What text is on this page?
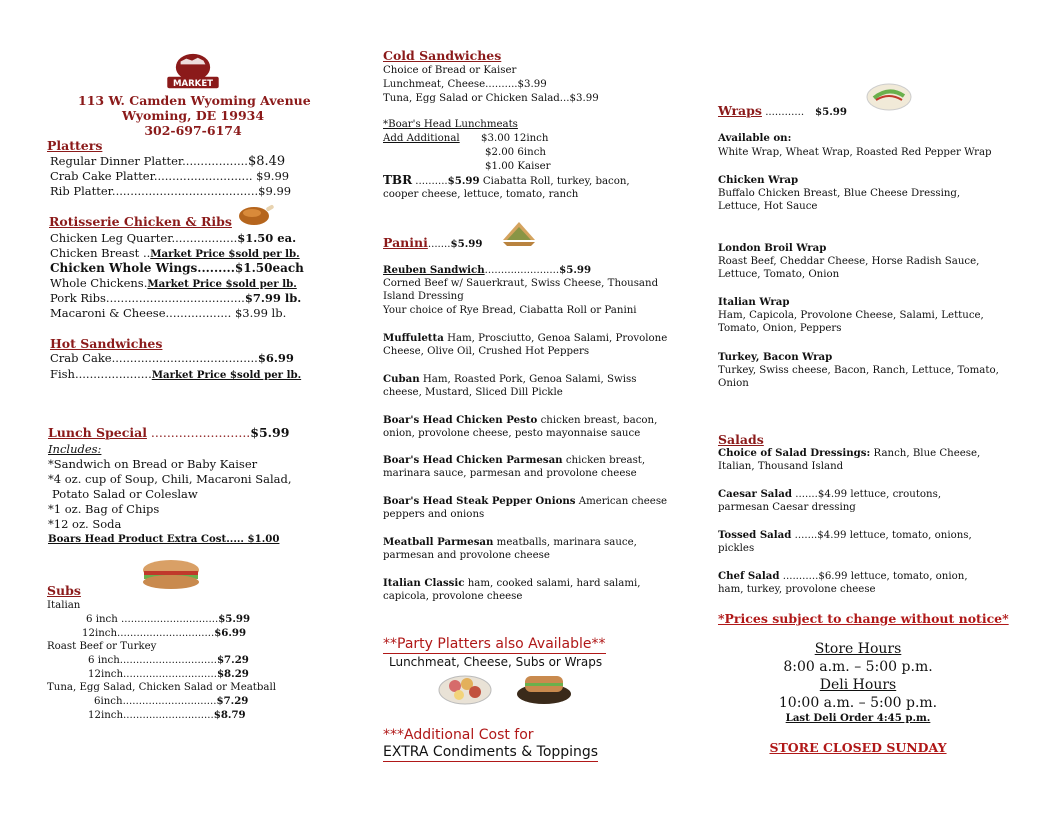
MARKET
113 W. Camden Wyoming Avenue
Wyoming, DE 19934
302-697-6174
Platters
Regular Dinner Platter..................$8.49
Crab Cake Platter........................... $9.99
Rib Platter........................................$9.99
Rotisserie Chicken & Ribs
Chicken Leg Quarter..................$1.50 ea.
Chicken Breast ..Market Price $sold per lb.
Chicken Whole Wings.........$1.50each
Whole Chickens.Market Price $sold per lb.
Pork Ribs......................................$7.99 lb.
Macaroni & Cheese.................. $3.99 lb.
Hot Sandwiches
Crab Cake........................................$6.99
Fish.....................Market Price $sold per lb.
Lunch Special .........................$5.99
Includes:
*Sandwich on Bread or Baby Kaiser
*4 oz. cup of Soup, Chili, Macaroni Salad,
Potato Salad or Coleslaw
*1 oz. Bag of Chips
*12 oz. Soda
Boars Head Product Extra Cost..... $1.00
Subs
Italian
6 inch ..............................$5.99
12inch..............................$6.99
Roast Beef or Turkey
6 inch..............................$7.29
12inch.............................$8.29
Tuna, Egg Salad, Chicken Salad or Meatball
6inch.............................$7.29
12inch............................$8.79
Cold Sandwiches
Choice of Bread or Kaiser
Lunchmeat, Cheese..........$3.99
Tuna, Egg Salad or Chicken Salad...$3.99
*Boar's Head Lunchmeats
Add Additional $3.00 12inch
$2.00 6inch
$1.00 Kaiser
TBR ..........$5.99 Ciabatta Roll, turkey, bacon,
cooper cheese, lettuce, tomato, ranch
Panini.......$5.99
Reuben Sandwich.......................$5.99
Corned Beef w/ Sauerkraut, Swiss Cheese, Thousand Island Dressing
Your choice of Rye Bread, Ciabatta Roll or Panini
Muffuletta Ham, Prosciutto, Genoa Salami, Provolone Cheese, Olive Oil, Crushed Hot Peppers
Cuban Ham, Roasted Pork, Genoa Salami, Swiss cheese, Mustard, Sliced Dill Pickle
Boar's Head Chicken Pesto chicken breast, bacon, onion, provolone cheese, pesto mayonnaise sauce
Boar's Head Chicken Parmesan chicken breast, marinara sauce, parmesan and provolone cheese
Boar's Head Steak Pepper Onions American cheese peppers and onions
Meatball Parmesan meatballs, marinara sauce, parmesan and provolone cheese
Italian Classic ham, cooked salami, hard salami, capicola, provolone cheese
**Party Platters also Available**
Lunchmeat, Cheese, Subs or Wraps
***Additional Cost for
EXTRA Condiments & Toppings
Wraps ............ $5.99
Available on:
White Wrap, Wheat Wrap, Roasted Red Pepper Wrap
Chicken Wrap
Buffalo Chicken Breast, Blue Cheese Dressing, Lettuce, Hot Sauce
London Broil Wrap
Roast Beef, Cheddar Cheese, Horse Radish Sauce, Lettuce, Tomato, Onion
Italian Wrap
Ham, Capicola, Provolone Cheese, Salami, Lettuce, Tomato, Onion, Peppers
Turkey, Bacon Wrap
Turkey, Swiss cheese, Bacon, Ranch, Lettuce, Tomato, Onion
Salads
Choice of Salad Dressings: Ranch, Blue Cheese, Italian, Thousand Island
Caesar Salad .......$4.99 lettuce, croutons, parmesan Caesar dressing
Tossed Salad .......$4.99 lettuce, tomato, onions, pickles
Chef Salad ...........$6.99 lettuce, tomato, onion, ham, turkey, provolone cheese
*Prices subject to change without notice*
Store Hours
8:00 a.m. – 5:00 p.m.
Deli Hours
10:00 a.m. – 5:00 p.m.
Last Deli Order 4:45 p.m.
STORE CLOSED SUNDAY
